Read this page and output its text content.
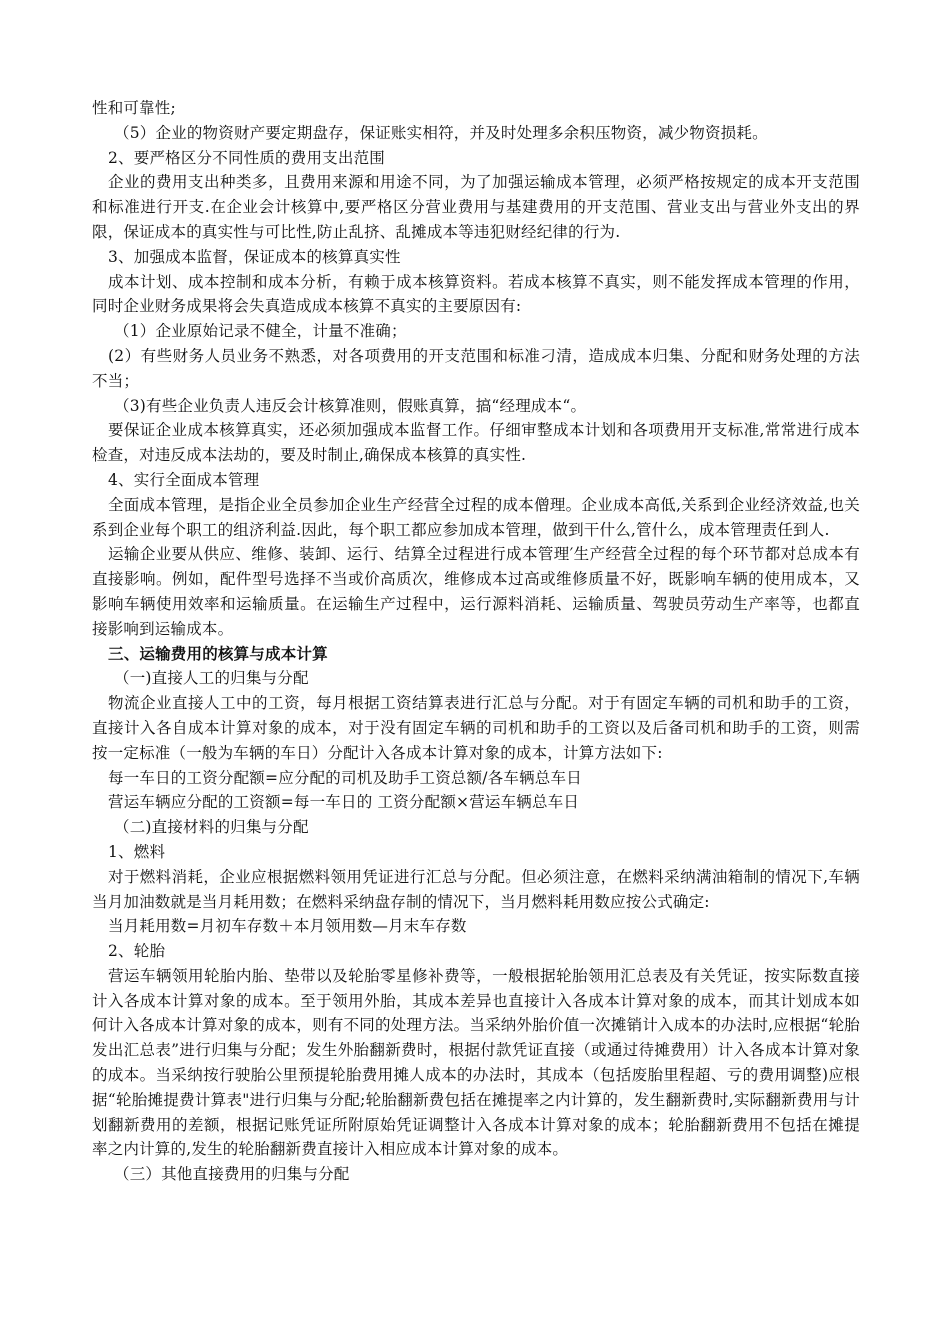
性和可靠性;

（5）企业的物资财产要定期盘存，保证账实相符，并及时处理多余积压物资，减少物资损耗。

2、要严格区分不同性质的费用支出范围

企业的费用支出种类多，且费用来源和用途不同，为了加强运输成本管理，必须严格按规定的成本开支范围和标准进行开支.在企业会计核算中,要严格区分营业费用与基建费用的开支范围、营业支出与营业外支出的界限，保证成本的真实性与可比性,防止乱挤、乱摊成本等违犯财经纪律的行为.

3、加强成本监督，保证成本的核算真实性

成本计划、成本控制和成本分析，有赖于成本核算资料。若成本核算不真实，则不能发挥成本管理的作用，同时企业财务成果将会失真造成成本核算不真实的主要原因有:

（1）企业原始记录不健全，计量不准确；

(2）有些财务人员业务不熟悉，对各项费用的开支范围和标准刁清，造成成本归集、分配和财务处理的方法不当；

（3)有些企业负责人违反会计核算准则，假账真算，搞“经理成本“。

要保证企业成本核算真实，还必须加强成本监督工作。仔细审整成本计划和各项费用开支标准,常常进行成本检查，对违反成本法劫的，要及时制止,确保成本核算的真实性.

4、实行全面成本管理

全面成本管理，是指企业全员参加企业生产经营全过程的成本僧理。企业成本高低,关系到企业经济效益,也关系到企业每个职工的组济利益.因此，每个职工都应参加成本管理，做到干什么,管什么，成本管理责任到人.

运输企业要从供应、维修、装卸、运行、结算全过程进行成本管理′生产经营全过程的每个环节都对总成本有直接影响。例如，配件型号选择不当或价高质次，维修成本过高或维修质量不好，既影响车辆的使用成本，又影响车辆使用效率和运输质量。在运输生产过程中，运行源料消耗、运输质量、驾驶员劳动生产率等，也都直接影响到运输成本。

三、运输费用的核算与成本计算

（一)直接人工的归集与分配

物流企业直接人工中的工资，每月根据工资结算表进行汇总与分配。对于有固定车辆的司机和助手的工资，直接计入各自成本计算对象的成本，对于没有固定车辆的司机和助手的工资以及后备司机和助手的工资，则需按一定标准（一般为车辆的车日）分配计入各成本计算对象的成本，计算方法如下:

每一车日的工资分配额=应分配的司机及助手工资总额/各车辆总车日

营运车辆应分配的工资额=每一车日的 工资分配额×营运车辆总车日

（二)直接材料的归集与分配

1、燃料

对于燃料消耗，企业应根据燃料领用凭证进行汇总与分配。但必须注意，在燃料采纳满油箱制的情况下,车辆当月加油数就是当月耗用数；在燃料采纳盘存制的情况下，当月燃料耗用数应按公式确定:

当月耗用数=月初车存数＋本月领用数—月末车存数

2、轮胎

营运车辆领用轮胎内胎、垫带以及轮胎零星修补费等，一般根据轮胎领用汇总表及有关凭证，按实际数直接计入各成本计算对象的成本。至于领用外胎，其成本差异也直接计入各成本计算对象的成本，而其计划成本如何计入各成本计算对象的成本，则有不同的处理方法。当采纳外胎价值一次摊销计入成本的办法时,应根据“轮胎发出汇总表”进行归集与分配；发生外胎翻新费时，根据付款凭证直接（或通过待摊费用）计入各成本计算对象的成本。当采纳按行驶胎公里预提轮胎费用摊人成本的办法时，其成本（包括废胎里程超、亏的费用调整)应根据“轮胎摊提费计算表"进行归集与分配;轮胎翻新费包括在摊提率之内计算的，发生翻新费时,实际翻新费用与计划翻新费用的差额，根据记账凭证所附原始凭证调整计入各成本计算对象的成本；轮胎翻新费用不包括在摊提率之内计算的,发生的轮胎翻新费直接计入相应成本计算对象的成本。

（三）其他直接费用的归集与分配
